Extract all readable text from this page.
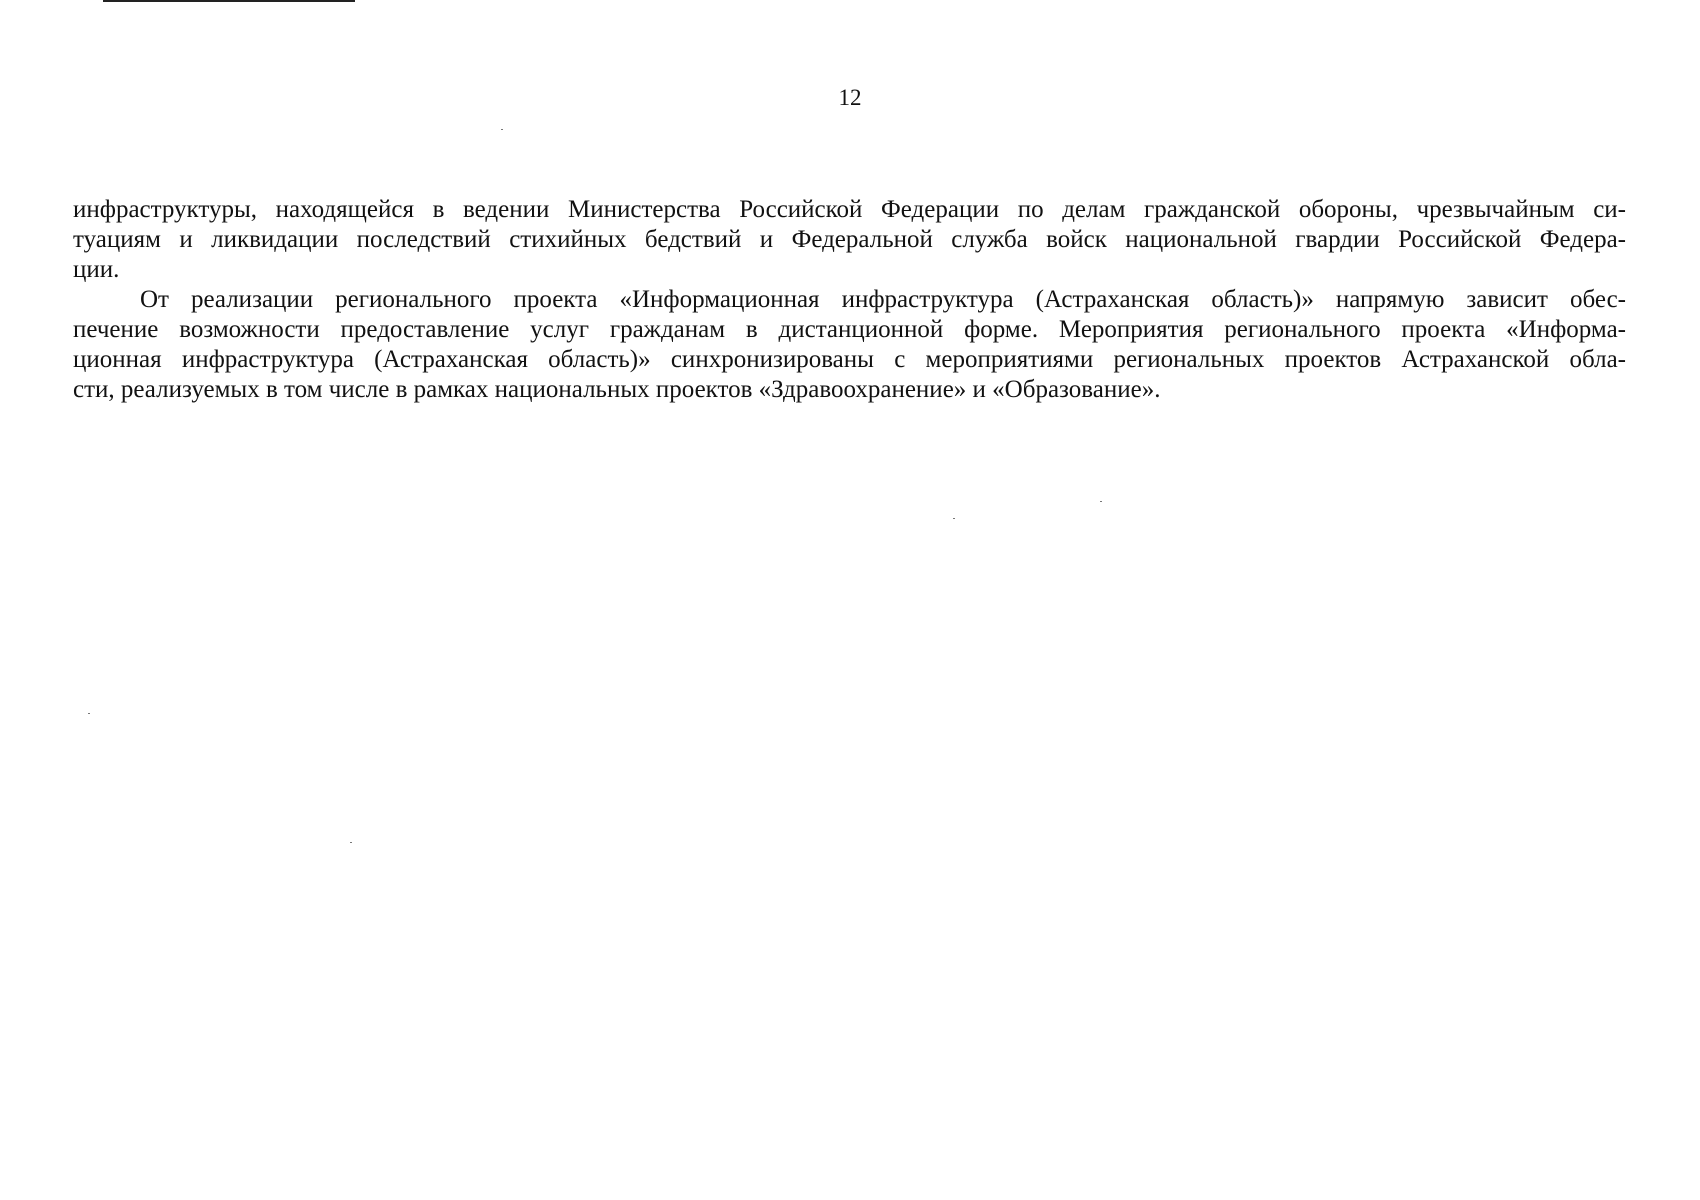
12
инфраструктуры, находящейся в ведении Министерства Российской Федерации по делам гражданской обороны, чрезвычайным си-
туациям и ликвидации последствий стихийных бедствий и Федеральной служба войск национальной гвардии Российской Федера-
ции.
От реализации регионального проекта «Информационная инфраструктура (Астраханская область)» напрямую зависит обес-
печение возможности предоставление услуг гражданам в дистанционной форме. Мероприятия регионального проекта «Информа-
ционная инфраструктура (Астраханская область)» синхронизированы с мероприятиями региональных проектов Астраханской обла-
сти, реализуемых в том числе в рамках национальных проектов «Здравоохранение» и «Образование».
